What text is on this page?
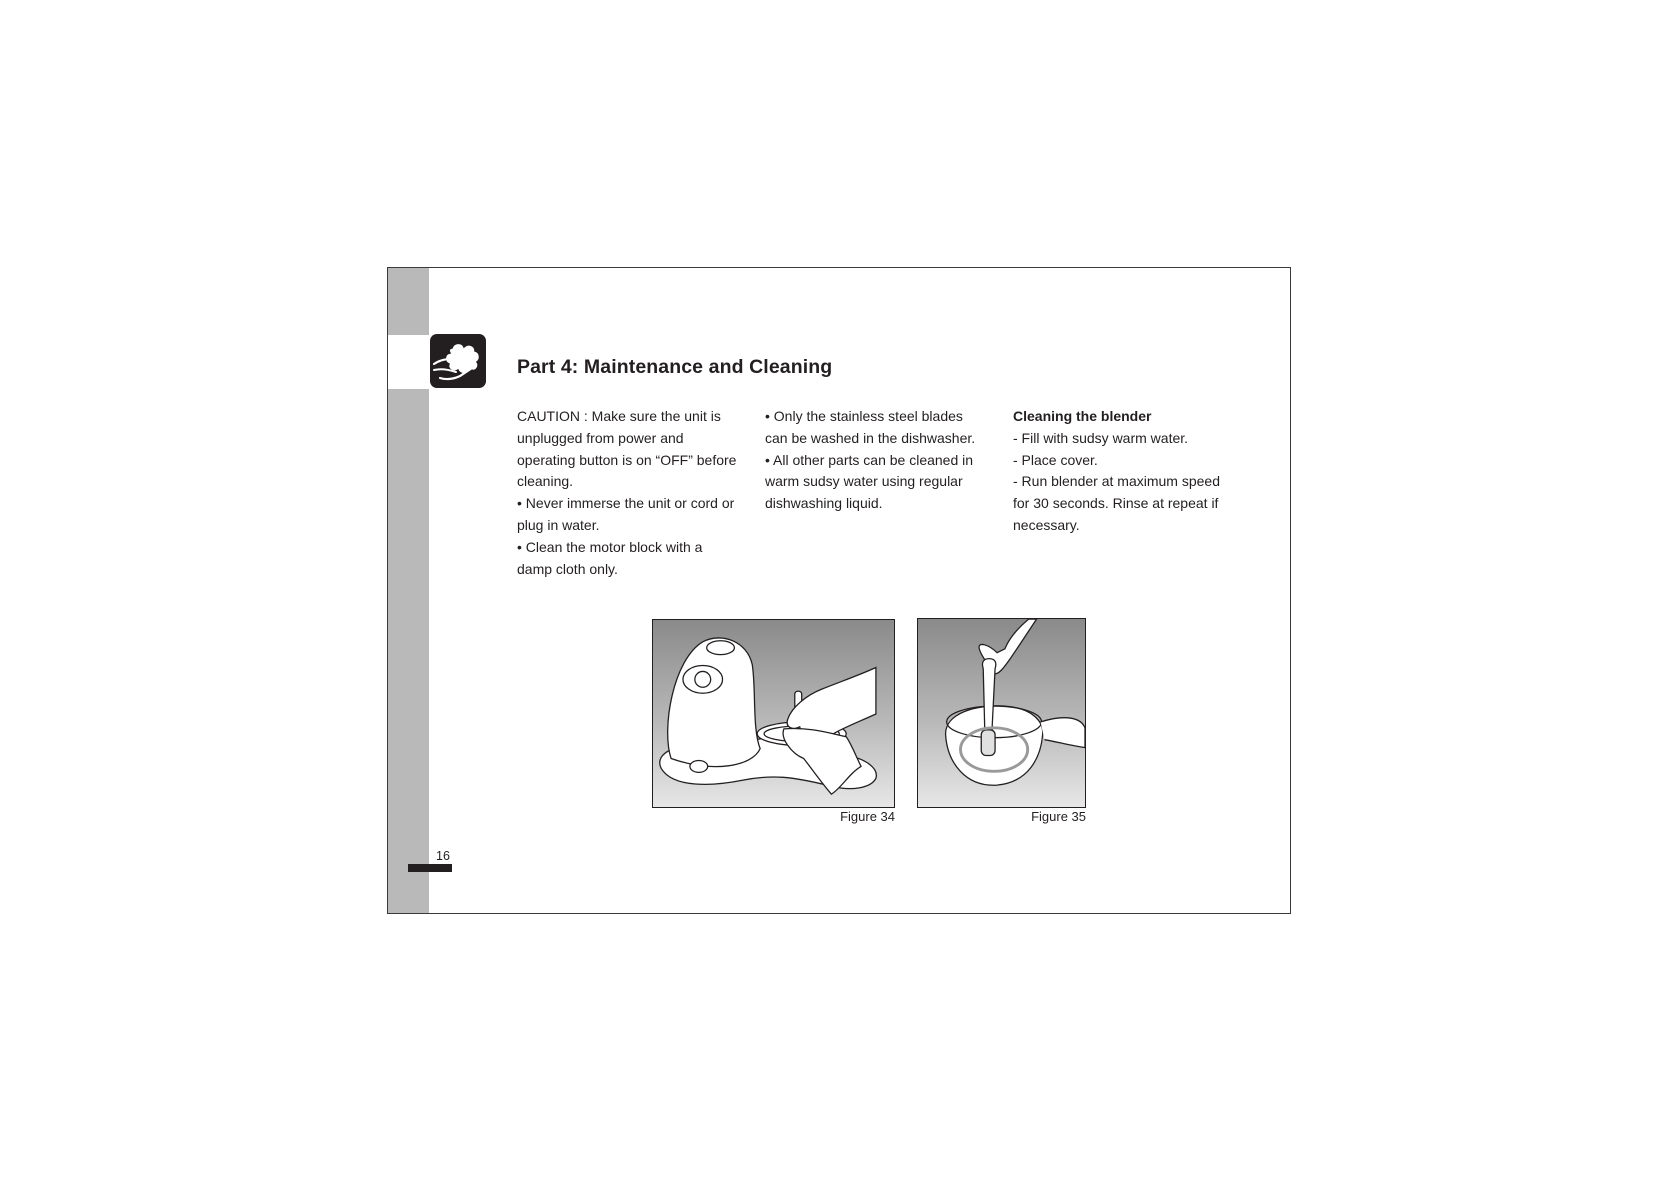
Part 4: Maintenance and Cleaning

CAUTION : Make sure the unit is unplugged from power and operating button is on “OFF” before cleaning.

• Never immerse the unit or cord or plug in water.

• Clean the motor block with a damp cloth only.

• Only the stainless steel blades can be washed in the dishwasher.

• All other parts can be cleaned in warm sudsy water using regular dishwashing liquid.

Cleaning the blender

- Fill with sudsy warm water.

- Place cover.

- Run blender at maximum speed for 30 seconds. Rinse at repeat if necessary.

Figure 34	Figure 35
16
